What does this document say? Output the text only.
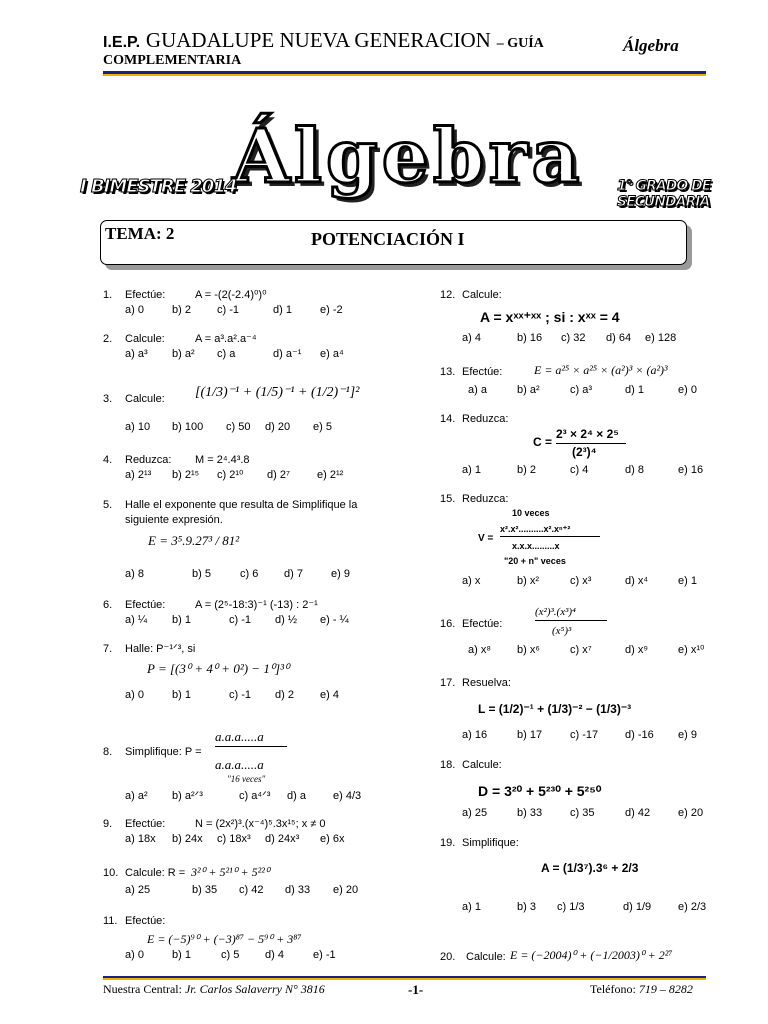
I.E.P. GUADALUPE NUEVA GENERACION – GUÍA
COMPLEMENTARIA
Álgebra
Álgebra
I BIMESTRE 2014	1° GRADO DE SECUNDARIA
TEMA: 2	POTENCIACIÓN I
1. Efectúe:	A = -(2(-2.4)⁰)⁰
a) 0	b) 2 c) -1	d) 1	e) -2
2. Calcule:	A = a³.a².a⁻⁴
a) a³ b) a² c) a	d) a⁻¹ e) a⁴
3. Calcule: [(1/3)⁻¹ + (1/5)⁻¹ + (1/2)⁻¹]²
a) 10 b) 100 c) 50 d) 20 e) 5
4. Reduzca: M = 2⁴.4³.8
a) 2¹³ b) 2¹⁵ c) 2¹⁰ d) 2⁷ e) 2¹²
5. Halle el exponente que resulta de Simplifique la
siguiente expresión.
E = 3⁵.9.27³ / 81²
a) 8	b) 5	c) 6 d) 7	e) 9
6. Efectúe:	A = (2⁵-18:3)⁻¹ (-13) : 2⁻¹
a) ¼ b) 1	c) -1 d) ½ e) - ¼
7. Halle: P⁻¹ᐟ³, si
P = [(3⁰ + 4⁰ + 0²) − 1⁰]³⁰
a) 0	b) 1	c) -1 d) 2 e) 4
8. Simplifique: P =
a.a.a.....a
a.a.a.....a
"16 veces"
a) a² b) a²ᐟ³	c) a⁴ᐟ³ d) a e) 4/3
9. Efectúe:	N = (2x²)³.(x⁻⁴)⁵.3x¹⁵; x ≠ 0
a) 18x b) 24x c) 18x³ d) 24x³ e) 6x
10. Calcule: R = 3²⁰ + 5²¹⁰ + 5²²⁰
a) 25	b) 35 c) 42 d) 33 e) 20
11. Efectúe:
E = (−5)⁹⁰ + (−3)⁸⁷ − 5⁹⁰ + 3⁸⁷
a) 0	b) 1	c) 5 d) 4	e) -1
12. Calcule:
A = xˣˣ⁺ˣˣ ; si : xˣˣ = 4
a) 4	b) 16 c) 32 d) 64 e) 128
13. Efectúe:	E = a²⁵ × a²⁵ × (a²)³ × (a²)³
a) a	b) a²	c) a³	d) 1	e) 0
14. Reduzca:
C =
2³ × 2⁴ × 2⁵
(2³)⁴
a) 1	b) 2	c) 4	d) 8	e) 16
15. Reduzca:
10 veces
V =
x².x²..........x².xⁿ⁺²
x.x.x.........x
"20 + n" veces
a) x	b) x²	c) x³	d) x⁴	e) 1
16. Efectúe:
(x²)³.(x³)⁴
(x⁵)³
a) x⁸ b) x⁶	c) x⁷	d) x⁹	e) x¹⁰
17. Resuelva:
L = (1/2)⁻¹ + (1/3)⁻² − (1/3)⁻³
a) 16	b) 17	c) -17 d) -16 e) 9
18. Calcule:
D = 3²⁰ + 5²³⁰ + 5²⁵⁰
a) 25	b) 33	c) 35	d) 42	e) 20
19. Simplifique:
A = (1/3⁷).3⁶ + 2/3
a) 1	b) 3 c) 1/3	d) 1/9 e) 2/3
20. Calcule: E = (−2004)⁰ + (−1/2003)⁰ + 2²⁷
Nuestra Central: Jr. Carlos Salaverry N° 3816	-1-	Teléfono: 719 – 8282
